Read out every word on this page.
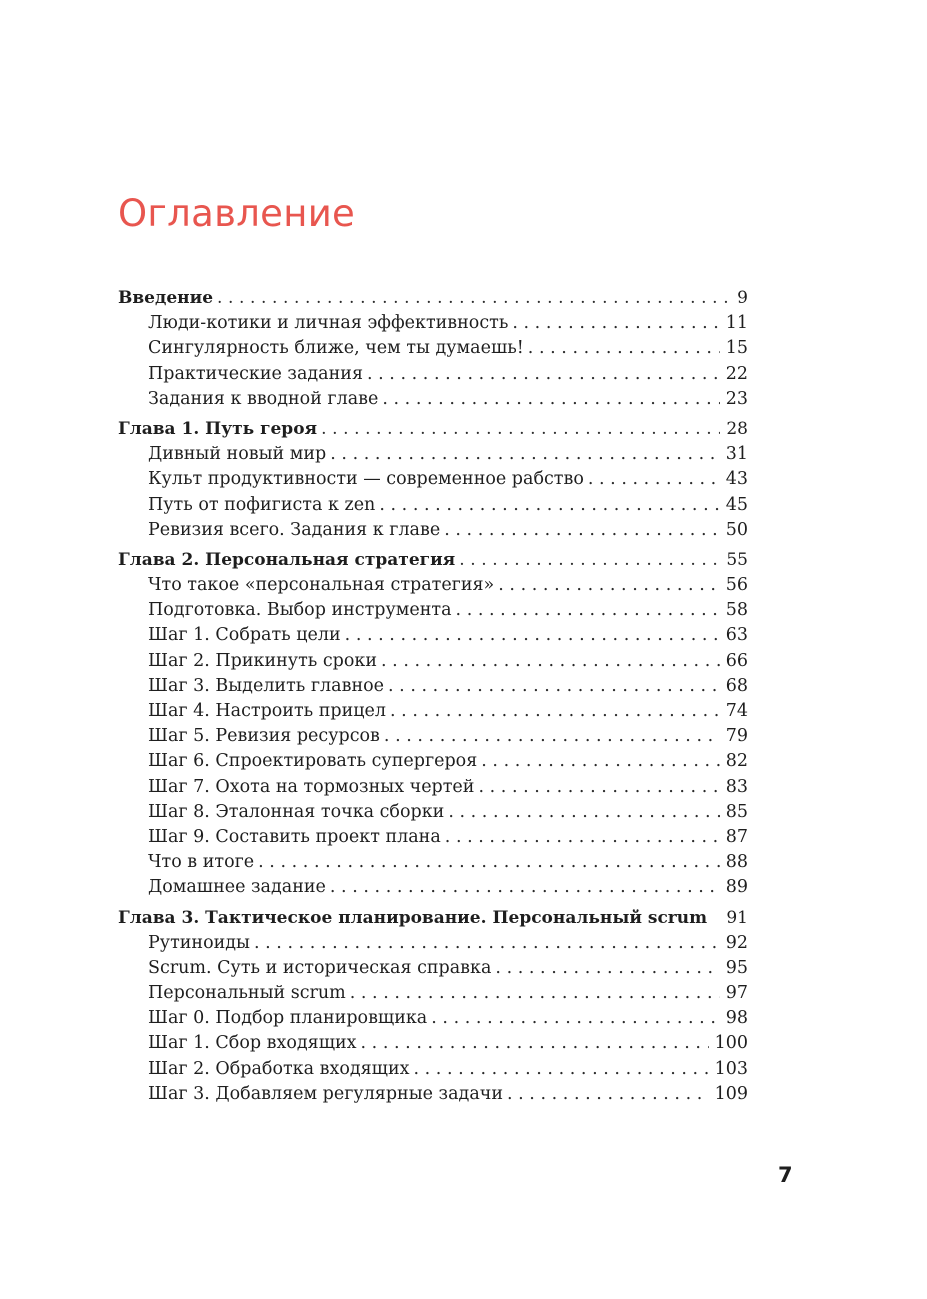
Оглавление
Введение .....	9
Люди-котики и личная эффективность .....	11
Сингулярность ближе, чем ты думаешь! .....	15
Практические задания .....	22
Задания к вводной главе .....	23
Глава 1. Путь героя .....	28
Дивный новый мир .....	31
Культ продуктивности — современное рабство .....	43
Путь от пофигиста к zen .....	45
Ревизия всего. Задания к главе .....	50
Глава 2. Персональная стратегия .....	55
Что такое «персональная стратегия» .....	56
Подготовка. Выбор инструмента .....	58
Шаг 1. Собрать цели .....	63
Шаг 2. Прикинуть сроки .....	66
Шаг 3. Выделить главное .....	68
Шаг 4. Настроить прицел .....	74
Шаг 5. Ревизия ресурсов .....	79
Шаг 6. Спроектировать супергероя .....	82
Шаг 7. Охота на тормозных чертей .....	83
Шаг 8. Эталонная точка сборки .....	85
Шаг 9. Составить проект плана .....	87
Что в итоге .....	88
Домашнее задание .....	89
Глава 3. Тактическое планирование. Персональный scrum	91
Рутиноиды .....	92
Scrum. Суть и историческая справка .....	95
Персональный scrum .....	97
Шаг 0. Подбор планировщика .....	98
Шаг 1. Сбор входящих .....	100
Шаг 2. Обработка входящих .....	103
Шаг 3. Добавляем регулярные задачи .....	109
7
